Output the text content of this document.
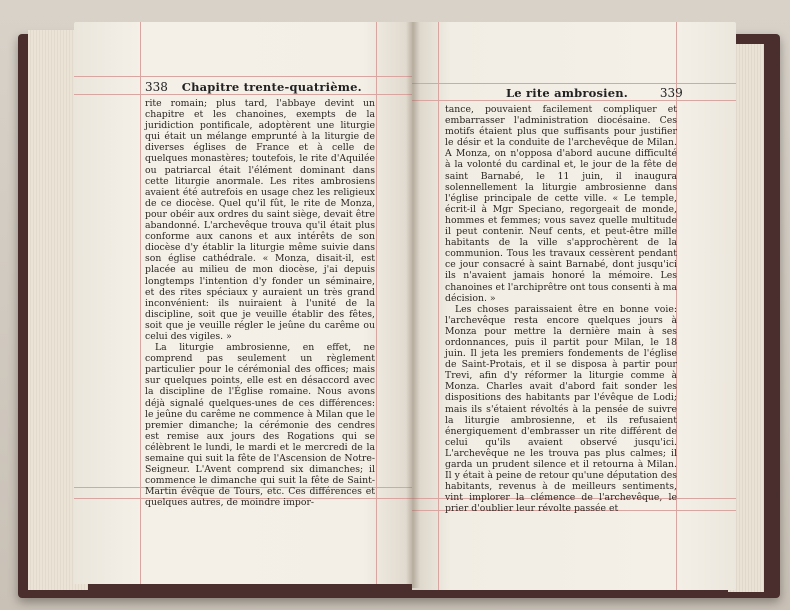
338 Chapitre trente-quatrième.

rite romain; plus tard, l'abbaye devint un chapitre et les chanoines, exempts de la juridiction pontificale, adoptèrent une liturgie qui était un mélange emprunté à la liturgie de diverses églises de France et à celle de quelques monastères; toutefois, le rite d'Aquilée ou patriarcal était l'élément dominant dans cette liturgie anormale. Les rites ambrosiens avaient été autrefois en usage chez les religieux de ce diocèse. Quel qu'il fût, le rite de Monza, pour obéir aux ordres du saint siège, devait être abandonné. L'archevêque trouva qu'il était plus conforme aux canons et aux intérêts de son diocèse d'y établir la liturgie même suivie dans son église cathédrale. « Monza, disait-il, est placée au milieu de mon diocèse, j'ai depuis longtemps l'intention d'y fonder un séminaire, et des rites spéciaux y auraient un très grand inconvénient: ils nuiraient à l'unité de la discipline, soit que je veuille établir des fêtes, soit que je veuille régler le jeûne du carême ou celui des vigiles. »

La liturgie ambrosienne, en effet, ne comprend pas seulement un règlement particulier pour le cérémonial des offices; mais sur quelques points, elle est en désaccord avec la discipline de l'Église romaine. Nous avons déjà signalé quelques-unes de ces différences: le jeûne du carême ne commence à Milan que le premier dimanche; la cérémonie des cendres est remise aux jours des Rogations qui se célèbrent le lundi, le mardi et le mercredi de la semaine qui suit la fête de l'Ascension de Notre-Seigneur. L'Avent comprend six dimanches; il commence le dimanche qui suit la fête de Saint-Martin évêque de Tours, etc. Ces différences et quelques autres, de moindre impor-

Le rite ambrosien.	339

tance, pouvaient facilement compliquer et embarrasser l'administration diocésaine. Ces motifs étaient plus que suffisants pour justifier le désir et la conduite de l'archevêque de Milan. A Monza, on n'opposa d'abord aucune difficulté à la volonté du cardinal et, le jour de la fête de saint Barnabé, le 11 juin, il inaugura solennellement la liturgie ambrosienne dans l'église principale de cette ville. « Le temple, écrit-il à Mgr Speciano, regorgeait de monde, hommes et femmes; vous savez quelle multitude il peut contenir. Neuf cents, et peut-être mille habitants de la ville s'approchèrent de la communion. Tous les travaux cessèrent pendant ce jour consacré à saint Barnabé, dont jusqu'ici ils n'avaient jamais honoré la mémoire. Les chanoines et l'archiprêtre ont tous consenti à ma décision. »

Les choses paraissaient être en bonne voie: l'archevêque resta encore quelques jours à Monza pour mettre la dernière main à ses ordonnances, puis il partit pour Milan, le 18 juin. Il jeta les premiers fondements de l'église de Saint-Protais, et il se disposa à partir pour Trevi, afin d'y réformer la liturgie comme à Monza. Charles avait d'abord fait sonder les dispositions des habitants par l'évêque de Lodi; mais ils s'étaient révoltés à la pensée de suivre la liturgie ambrosienne, et ils refusaient énergiquement d'embrasser un rite différent de celui qu'ils avaient observé jusqu'ici. L'archevêque ne les trouva pas plus calmes; il garda un prudent silence et il retourna à Milan. Il y était à peine de retour qu'une députation des habitants, revenus à de meilleurs sentiments, vint implorer la clémence de l'archevêque, le prier d'oublier leur révolte passée et
